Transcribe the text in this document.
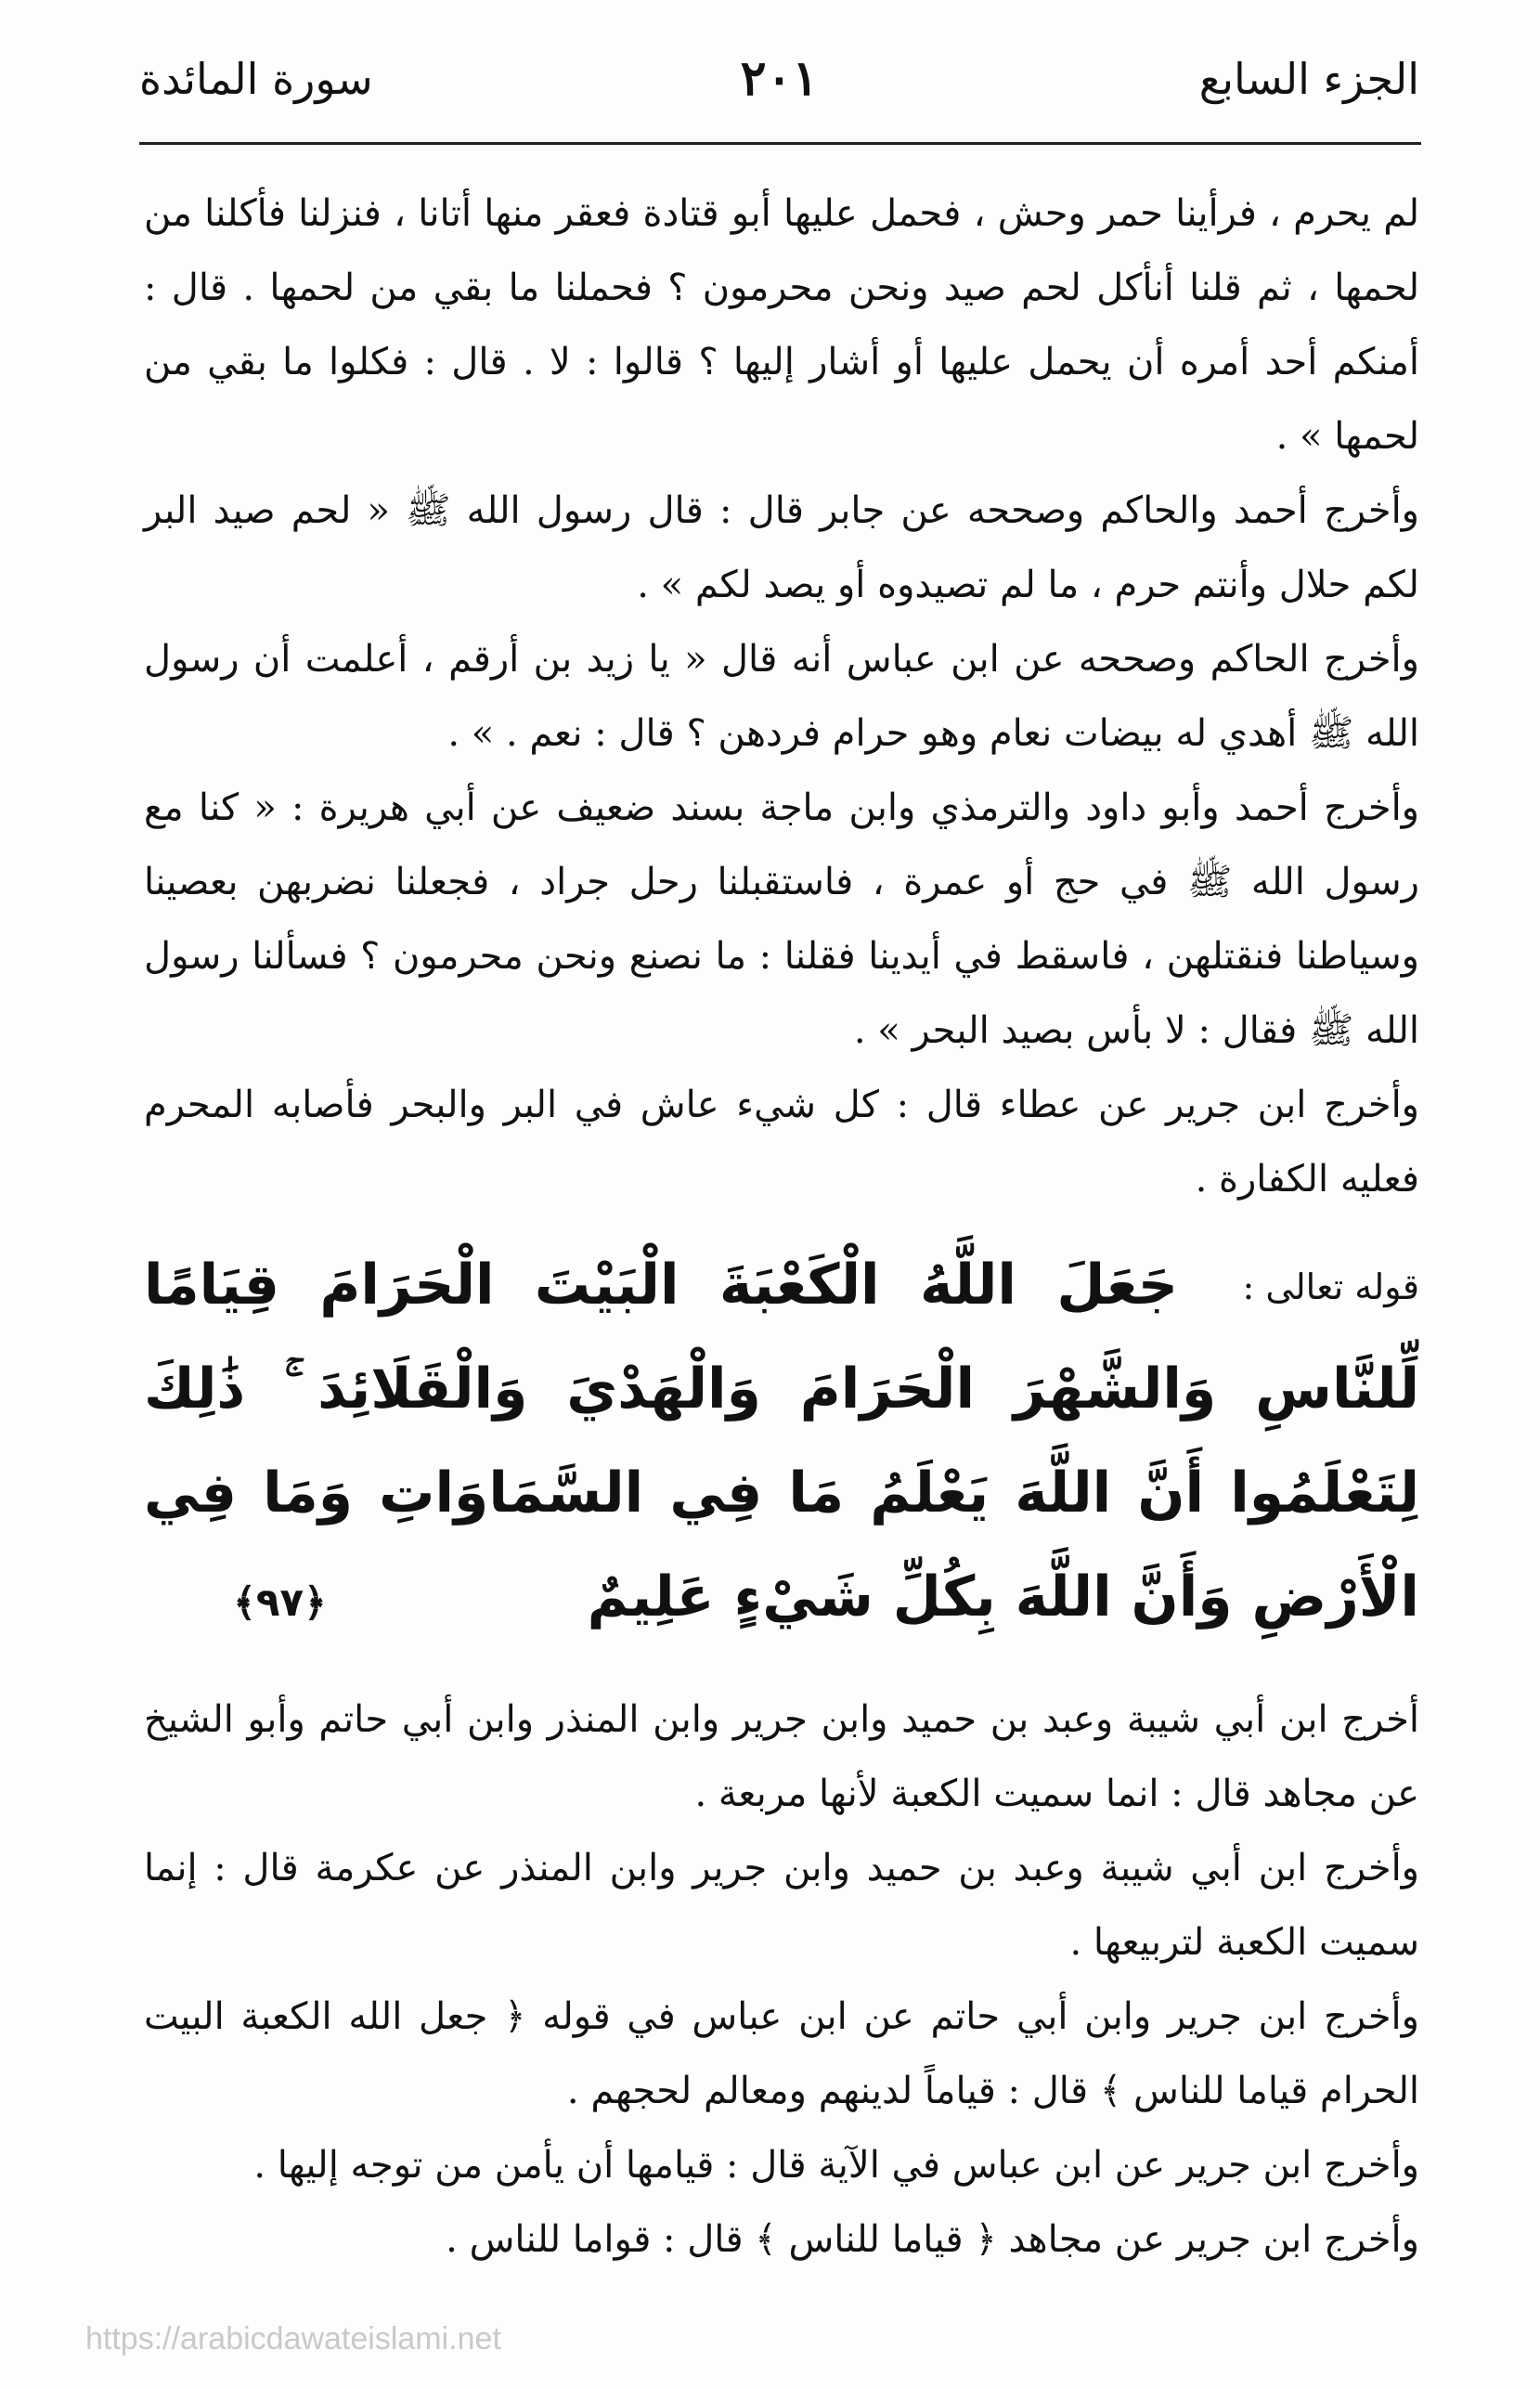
الجزء السابع
٢٠١
سورة المائدة

لم يحرم ، فرأينا حمر وحش ، فحمل عليها أبو قتادة فعقر منها أتانا ، فنزلنا فأكلنا من لحمها ، ثم قلنا أنأكل لحم صيد ونحن محرمون ؟ فحملنا ما بقي من لحمها . قال : أمنكم أحد أمره أن يحمل عليها أو أشار إليها ؟ قالوا : لا . قال : فكلوا ما بقي من لحمها » .

وأخرج أحمد والحاكم وصححه عن جابر قال : قال رسول الله ﷺ « لحم صيد البر لكم حلال وأنتم حرم ، ما لم تصيدوه أو يصد لكم » .

وأخرج الحاكم وصححه عن ابن عباس أنه قال « يا زيد بن أرقم ، أعلمت أن رسول الله ﷺ أهدي له بيضات نعام وهو حرام فردهن ؟ قال : نعم . » .

وأخرج أحمد وأبو داود والترمذي وابن ماجة بسند ضعيف عن أبي هريرة : « كنا مع رسول الله ﷺ في حج أو عمرة ، فاستقبلنا رحل جراد ، فجعلنا نضربهن بعصينا وسياطنا فنقتلهن ، فاسقط في أيدينا فقلنا : ما نصنع ونحن محرمون ؟ فسألنا رسول الله ﷺ فقال : لا بأس بصيد البحر » .

وأخرج ابن جرير عن عطاء قال : كل شيء عاش في البر والبحر فأصابه المحرم فعليه الكفارة .

قوله تعالى :
جَعَلَ اللَّهُ الْكَعْبَةَ الْبَيْتَ الْحَرَامَ قِيَامًا لِّلنَّاسِ وَالشَّهْرَ الْحَرَامَ وَالْهَدْيَ وَالْقَلَائِدَ ۚ ذَٰلِكَ لِتَعْلَمُوا أَنَّ اللَّهَ يَعْلَمُ مَا فِي السَّمَاوَاتِ وَمَا فِي الْأَرْضِ وَأَنَّ اللَّهَ بِكُلِّ شَيْءٍ عَلِيمٌ ﴿٩٧﴾

أخرج ابن أبي شيبة وعبد بن حميد وابن جرير وابن المنذر وابن أبي حاتم وأبو الشيخ عن مجاهد قال : انما سميت الكعبة لأنها مربعة .

وأخرج ابن أبي شيبة وعبد بن حميد وابن جرير وابن المنذر عن عكرمة قال : إنما سميت الكعبة لتربيعها .

وأخرج ابن جرير وابن أبي حاتم عن ابن عباس في قوله ﴿ جعل الله الكعبة البيت الحرام قياما للناس ﴾ قال : قياماً لدينهم ومعالم لحجهم .

وأخرج ابن جرير عن ابن عباس في الآية قال : قيامها أن يأمن من توجه إليها .

وأخرج ابن جرير عن مجاهد ﴿ قياما للناس ﴾ قال : قواما للناس .

https://arabicdawateislami.net
